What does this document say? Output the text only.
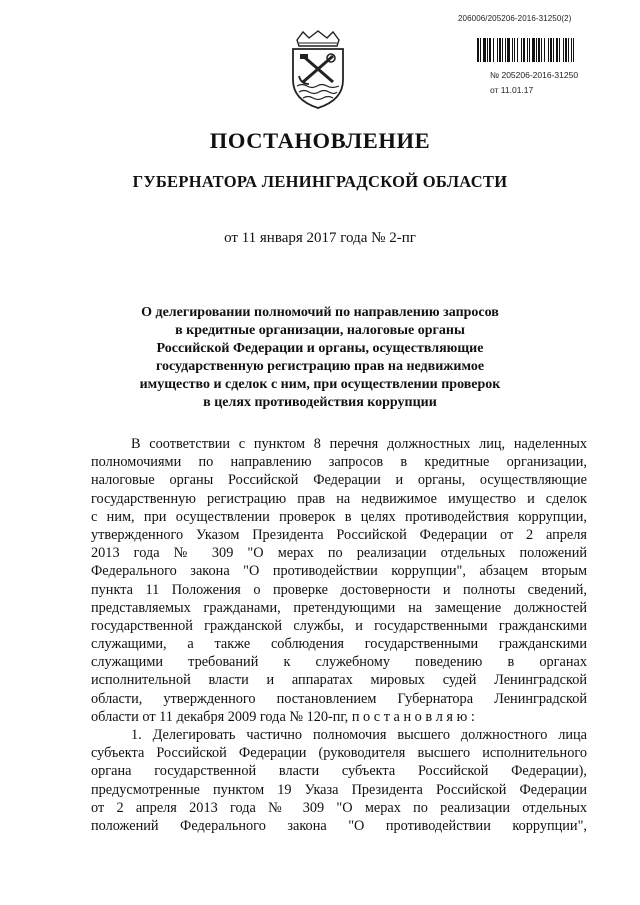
206006/205206-2016-31250(2)
№ 205206-2016-31250
от 11.01.17
ПОСТАНОВЛЕНИЕ
ГУБЕРНАТОРА ЛЕНИНГРАДСКОЙ ОБЛАСТИ
от 11 января 2017 года № 2-пг
О делегировании полномочий по направлению запросов
в кредитные организации, налоговые органы
Российской Федерации и органы, осуществляющие
государственную регистрацию прав на недвижимое
имущество и сделок с ним, при осуществлении проверок
в целях противодействия коррупции
В соответствии с пунктом 8 перечня должностных лиц, наделенных
полномочиями по направлению запросов в кредитные организации,
налоговые органы Российской Федерации и органы, осуществляющие
государственную регистрацию прав на недвижимое имущество и сделок
с ним, при осуществлении проверок в целях противодействия коррупции,
утвержденного Указом Президента Российской Федерации от 2 апреля
2013 года № 309 "О мерах по реализации отдельных положений
Федерального закона "О противодействии коррупции", абзацем вторым
пункта 11 Положения о проверке достоверности и полноты сведений,
представляемых гражданами, претендующими на замещение должностей
государственной гражданской службы, и государственными гражданскими
служащими, а также соблюдения государственными гражданскими
служащими требований к служебному поведению в органах
исполнительной власти и аппаратах мировых судей Ленинградской
области, утвержденного постановлением Губернатора Ленинградской
области от 11 декабря 2009 года № 120-пг, п о с т а н о в л я ю :
1. Делегировать частично полномочия высшего должностного лица
субъекта Российской Федерации (руководителя высшего исполнительного
органа государственной власти субъекта Российской Федерации),
предусмотренные пунктом 19 Указа Президента Российской Федерации
от 2 апреля 2013 года № 309 "О мерах по реализации отдельных
положений Федерального закона "О противодействии коррупции",
